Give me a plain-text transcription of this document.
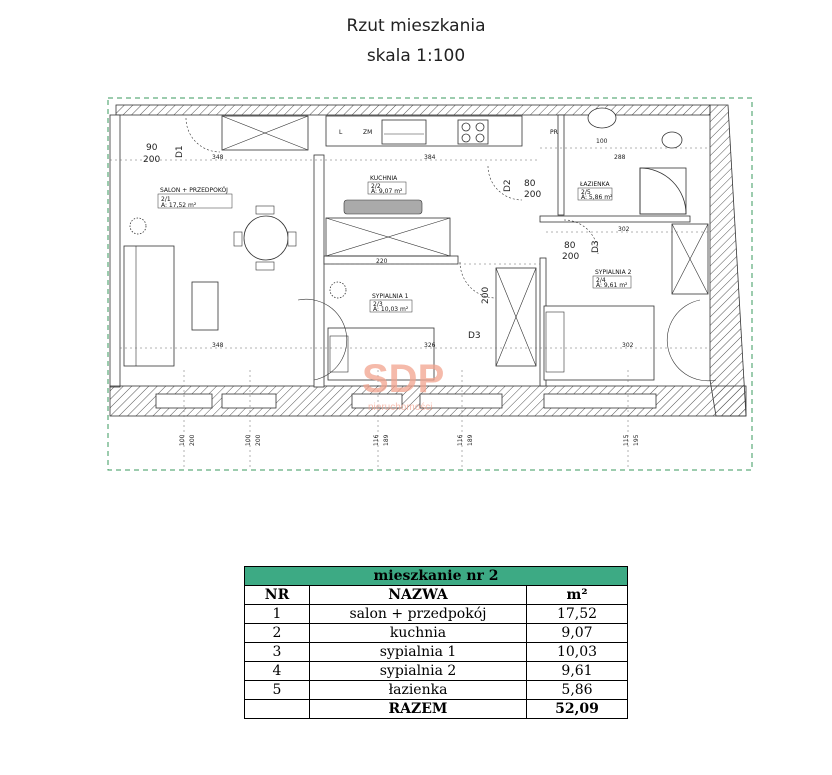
Rzut mieszkania
skala 1:100
L	ZM	PR
SALON + PRZEDPOKÓJ
2/1
A: 17,52 m²
KUCHNIA
2/2
A: 9,07 m²
SYPIALNIA 1
2/3
A: 10,03 m²
SYPIALNIA 2
2/4
A: 9,61 m²
ŁAZIENKA
2/5
A: 5,86 m²
90
200
D1
80
200
D2
80
200
D3
D3
200
348	384	288
100
348
302
302
220
326
100 200	100 200	116 189	116 189	115 195
SDP
nieruchomości
mieszkanie nr 2		
NR	NAZWA	m²
1	salon + przedpokój	17,52
2	kuchnia	9,07
3	sypialnia 1	10,03
4	sypialnia 2	9,61
5	łazienka	5,86
	RAZEM	52,09
